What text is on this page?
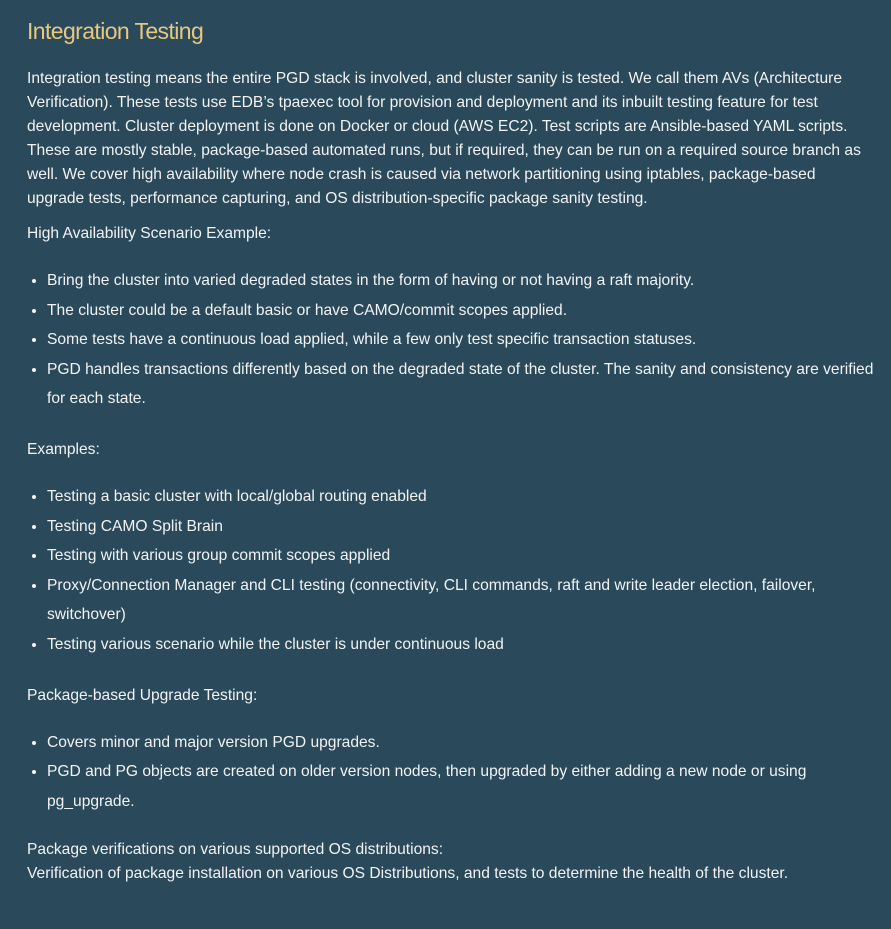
Integration Testing

Integration testing means the entire PGD stack is involved, and cluster sanity is tested. We call them AVs (Architecture Verification). These tests use EDB’s tpaexec tool for provision and deployment and its inbuilt testing feature for test development. Cluster deployment is done on Docker or cloud (AWS EC2). Test scripts are Ansible-based YAML scripts. These are mostly stable, package-based automated runs, but if required, they can be run on a required source branch as well. We cover high availability where node crash is caused via network partitioning using iptables, package-based upgrade tests, performance capturing, and OS distribution-specific package sanity testing.

High Availability Scenario Example:

• Bring the cluster into varied degraded states in the form of having or not having a raft majority.
• The cluster could be a default basic or have CAMO/commit scopes applied.
• Some tests have a continuous load applied, while a few only test specific transaction statuses.
• PGD handles transactions differently based on the degraded state of the cluster. The sanity and consistency are verified for each state.

Examples:

• Testing a basic cluster with local/global routing enabled
• Testing CAMO Split Brain
• Testing with various group commit scopes applied
• Proxy/Connection Manager and CLI testing (connectivity, CLI commands, raft and write leader election, failover, switchover)
• Testing various scenario while the cluster is under continuous load

Package-based Upgrade Testing:

• Covers minor and major version PGD upgrades.
• PGD and PG objects are created on older version nodes, then upgraded by either adding a new node or using pg_upgrade.

Package verifications on various supported OS distributions:

Verification of package installation on various OS Distributions, and tests to determine the health of the cluster.
